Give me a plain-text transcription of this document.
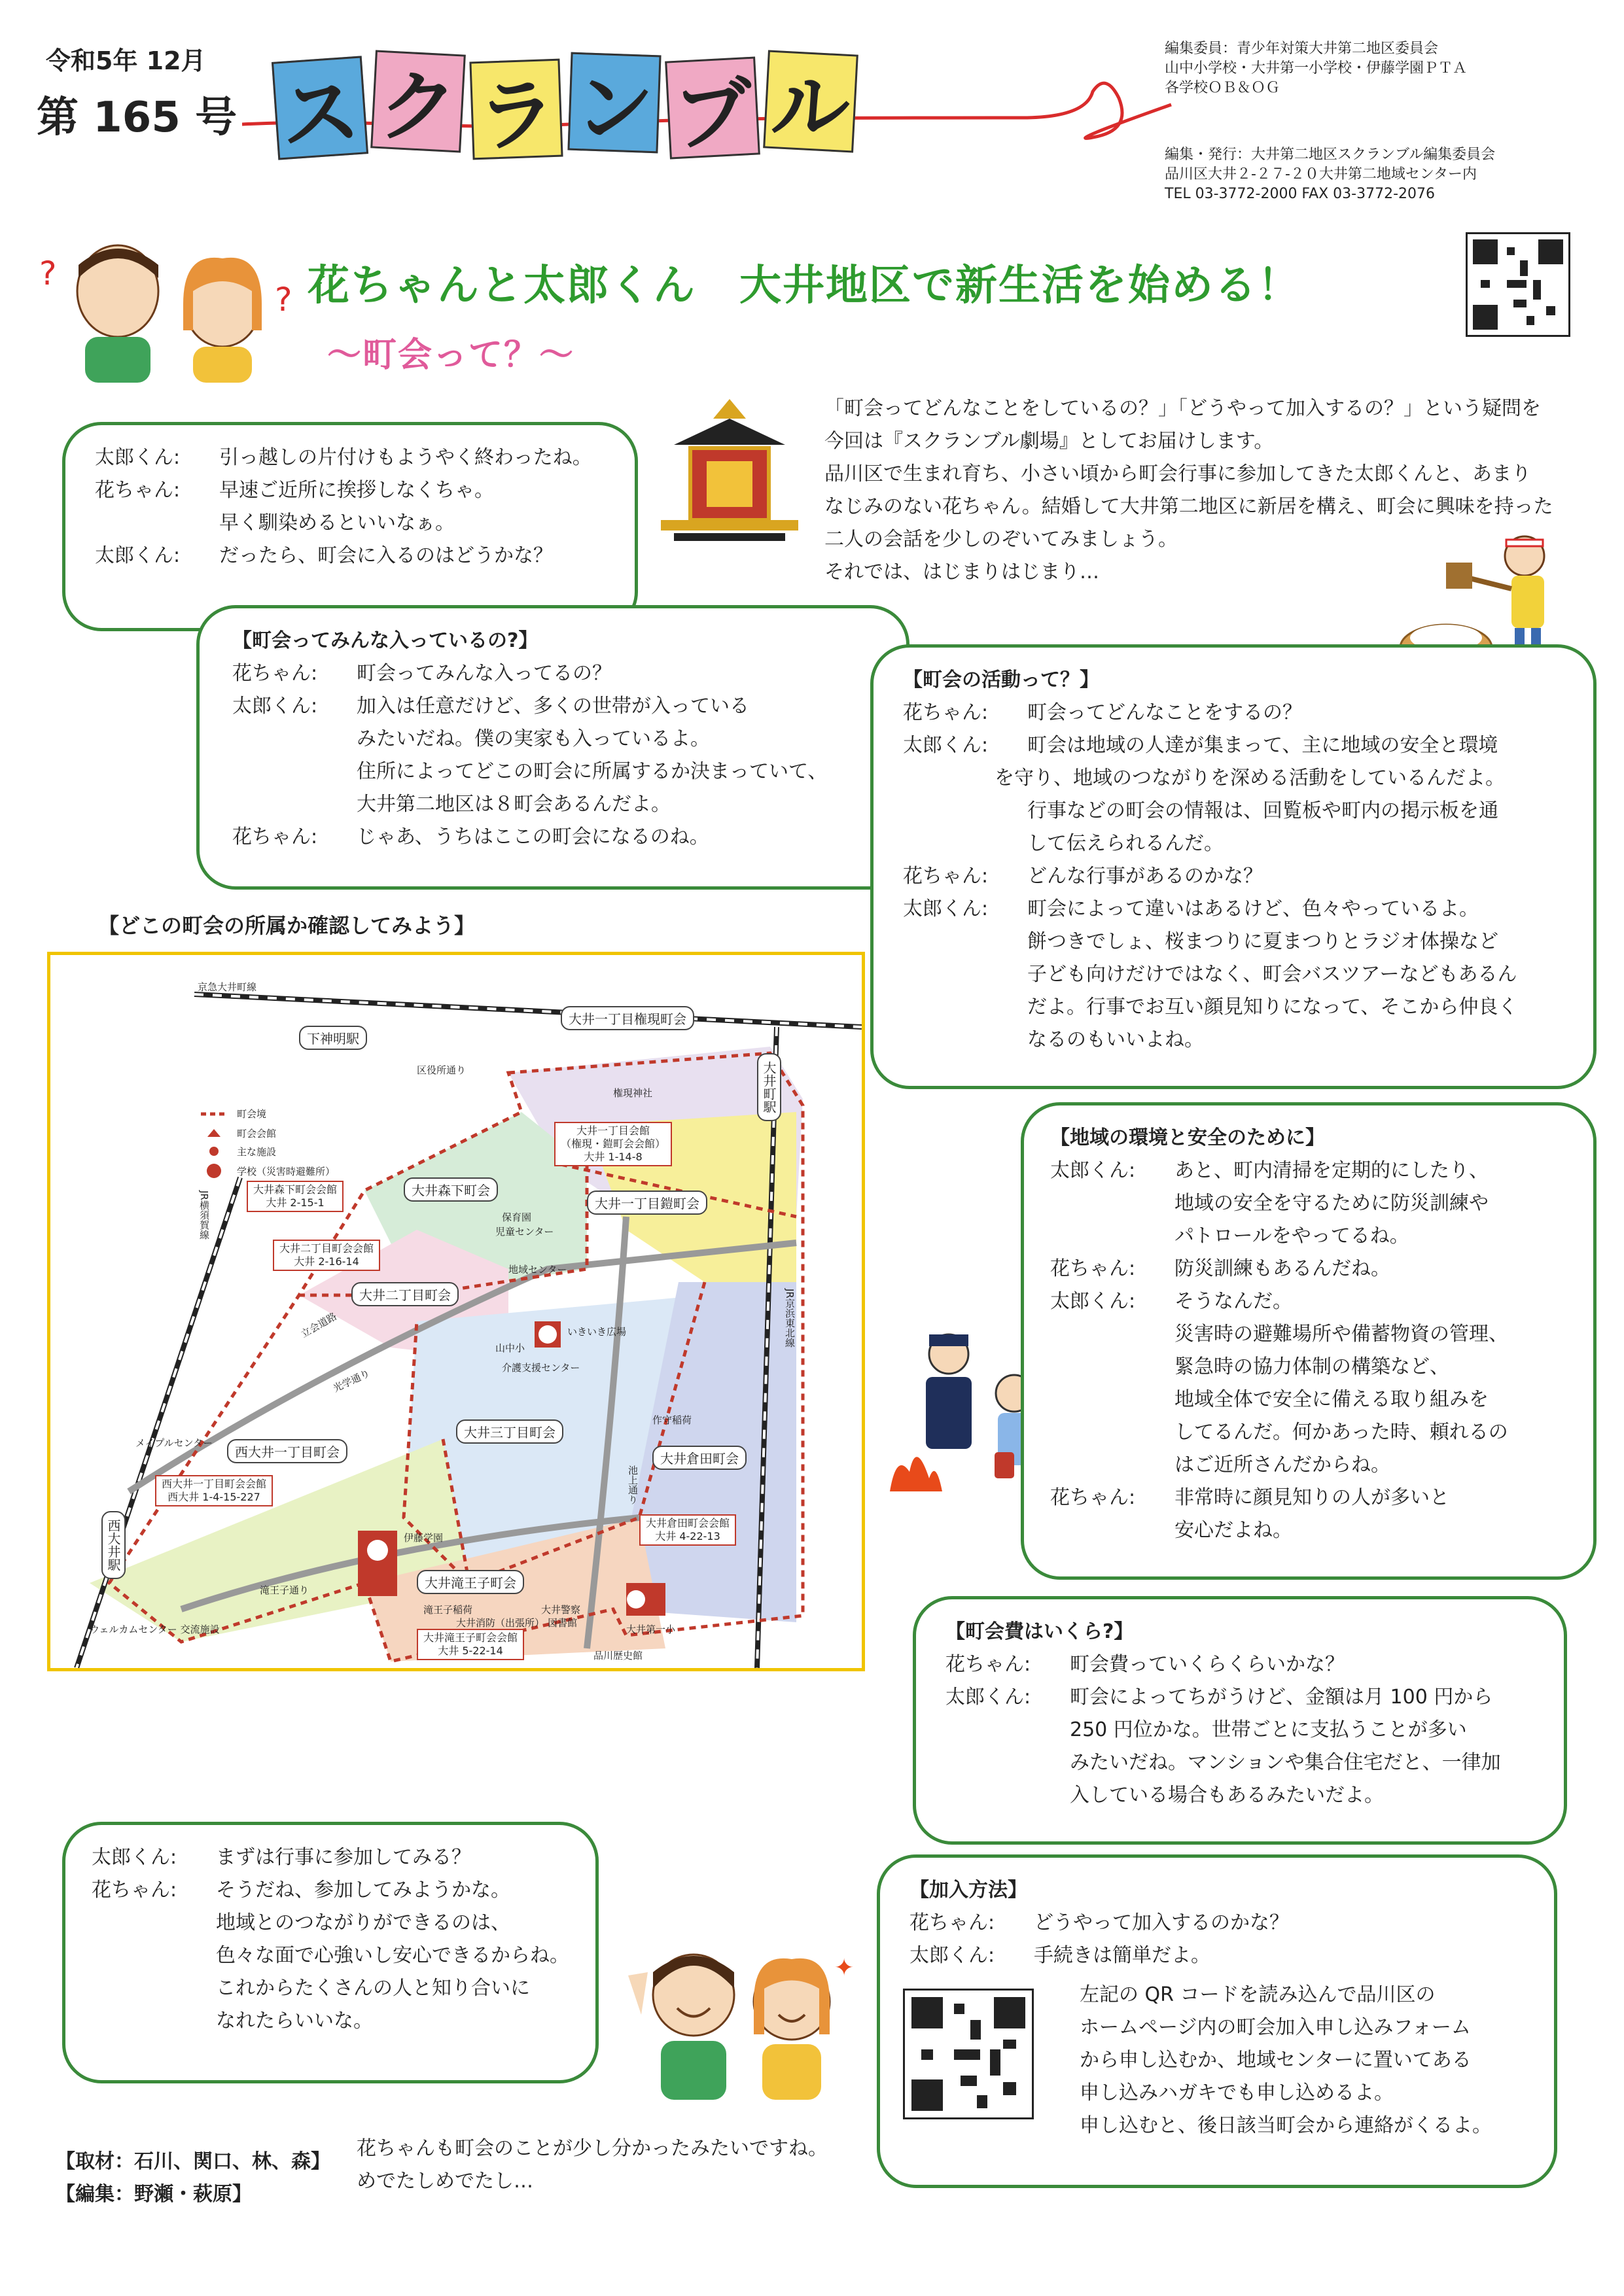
令和5年 12月
第 165 号 ス ク ラ ン ブ ル
編集委員：青少年対策大井第二地区委員会
山中小学校・大井第一小学校・伊藤学園ＰＴＡ
各学校ＯＢ＆ＯＧ
編集・発行：大井第二地区スクランブル編集委員会
品川区大井２-２７-２０大井第二地域センター内
TEL 03-3772-2000 FAX 03-3772-2076
?
? 花ちゃんと太郎くん　大井地区で新生活を始める！
～町会って？～
「町会ってどんなことをしているの？」「どうやって加入するの？」という疑問を
今回は『スクランブル劇場』としてお届けします。
品川区で生まれ育ち、小さい頃から町会行事に参加してきた太郎くんと、あまり
なじみのない花ちゃん。結婚して大井第二地区に新居を構え、町会に興味を持った
二人の会話を少しのぞいてみましょう。
それでは、はじまりはじまり…
太郎くん:	引っ越しの片付けもようやく終わったね。
花ちゃん:	早速ご近所に挨拶しなくちゃ。
早く馴染めるといいなぁ。
太郎くん:	だったら、町会に入るのはどうかな？
【町会ってみんな入っているの?】
花ちゃん:	町会ってみんな入ってるの？
太郎くん:	加入は任意だけど、多くの世帯が入っている
みたいだね。僕の実家も入っているよ。
住所によってどこの町会に所属するか決まっていて、
大井第二地区は８町会あるんだよ。
花ちゃん:	じゃあ、うちはここの町会になるのね。
【町会の活動って？】
花ちゃん:	町会ってどんなことをするの？
太郎くん:	町会は地域の人達が集まって、主に地域の安全と環境
を守り、地域のつながりを深める活動をしているんだよ。
行事などの町会の情報は、回覧板や町内の掲示板を通
して伝えられるんだ。
花ちゃん:	どんな行事があるのかな？
太郎くん:	町会によって違いはあるけど、色々やっているよ。
餅つきでしょ、桜まつりに夏まつりとラジオ体操など
子ども向けだけではなく、町会バスツアーなどもあるん
だよ。行事でお互い顔見知りになって、そこから仲良く
なるのもいいよね。
【どこの町会の所属か確認してみよう】
町会境
町会会館
主な施設
学校（災害時避難所）
大井一丁目権現町会
大井森下町会
大井一丁目鎧町会
大井二丁目町会
西大井一丁目町会
大井三丁目町会
大井倉田町会
大井滝王子町会
大井一丁目会館
（権現・鎧町会会館）
大井 1-14-8
大井森下町会会館
大井 2-15-1
大井二丁目町会会館
大井 2-16-14
西大井一丁目町会会館
西大井 1-4-15-227
大井倉田町会会館
大井 4-22-13
大井滝王子町会会館
大井 5-22-14
下神明駅
大井町駅
西大井駅
京急大井町線
JR京浜東北線
JR横須賀線
区役所通り
立会道路
光学通り
池上通り
滝王子通り
権現神社
保育園
児童センター
地域センター
いきいき広場
山中小
介護支援センター
作守稲荷
メイプルセンター
伊藤学園
滝王子稲荷	大井警察
図書館
大井消防（出張所）
大井第一小
品川歴史館
ウェルカムセンター 交流施設
【地域の環境と安全のために】
太郎くん:	あと、町内清掃を定期的にしたり、
地域の安全を守るために防災訓練や
パトロールをやってるね。
花ちゃん:	防災訓練もあるんだね。
太郎くん:	そうなんだ。
災害時の避難場所や備蓄物資の管理、
緊急時の協力体制の構築など、
地域全体で安全に備える取り組みを
してるんだ。何かあった時、頼れるの
はご近所さんだからね。
花ちゃん:	非常時に顔見知りの人が多いと
安心だよね。
【町会費はいくら?】
花ちゃん:	町会費っていくらくらいかな？
太郎くん:	町会によってちがうけど、金額は月 100 円から
250 円位かな。世帯ごとに支払うことが多い
みたいだね。マンションや集合住宅だと、一律加
入している場合もあるみたいだよ。
【加入方法】
花ちゃん:	どうやって加入するのかな？
太郎くん:	手続きは簡単だよ。
左記の QR コードを読み込んで品川区の
ホームページ内の町会加入申し込みフォーム
から申し込むか、地域センターに置いてある
申し込みハガキでも申し込めるよ。
申し込むと、後日該当町会から連絡がくるよ。
太郎くん:	まずは行事に参加してみる？
花ちゃん:	そうだね、参加してみようかな。
地域とのつながりができるのは、
色々な面で心強いし安心できるからね。
これからたくさんの人と知り合いに
なれたらいいな。
✦
【取材：石川、関口、林、森】
【編集：野瀬・萩原】
花ちゃんも町会のことが少し分かったみたいですね。
めでたしめでたし…
